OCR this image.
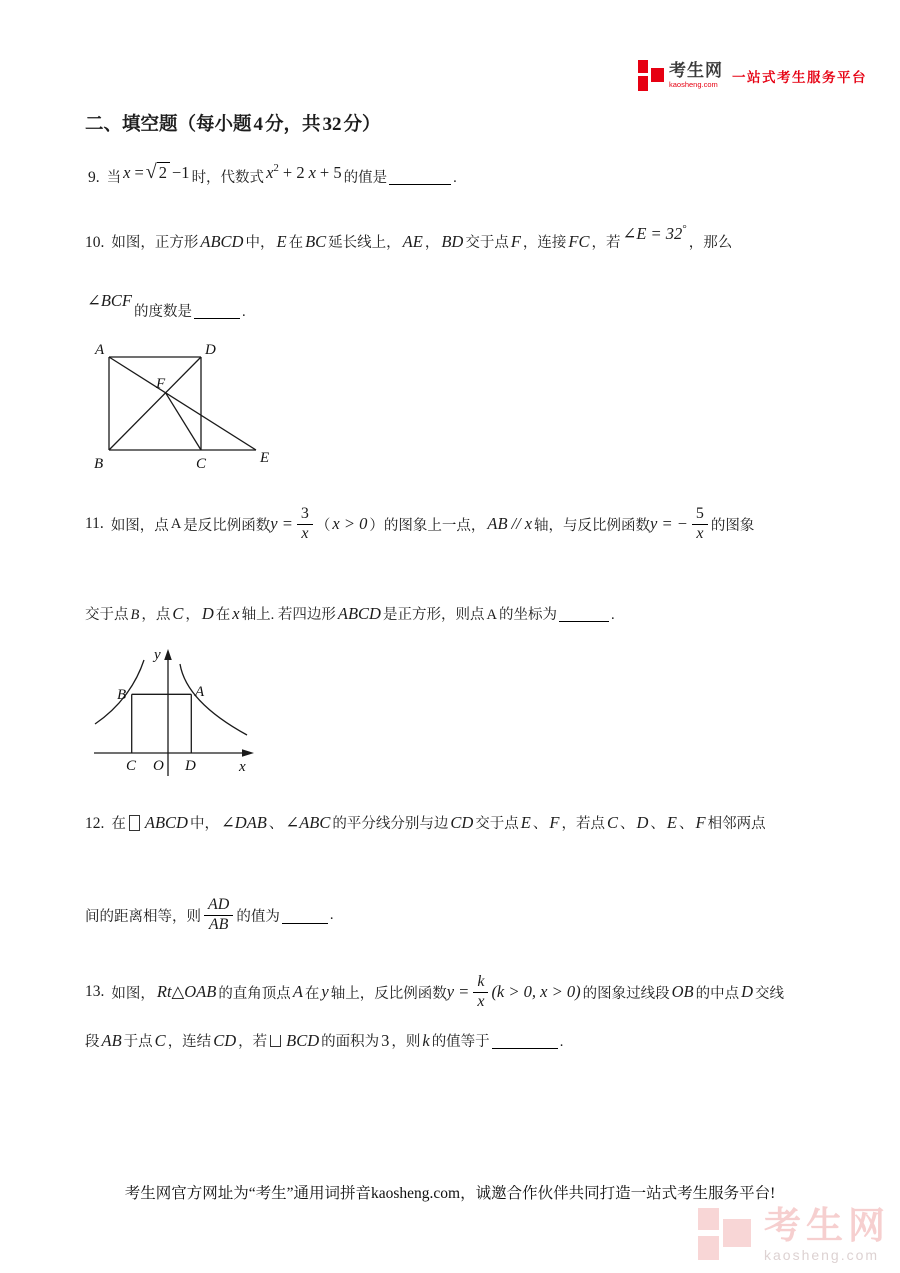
考生网
kaosheng.com
一站式考生服务平台
二、填空题（每小题 4 分，共 32 分）
9. 当 x = √ 2 −1 时，代数式 $x^2 + 2$ x + 5 的值是	.
10. 如图，正方形 ABCD 中， E 在 BC 延长线上， AE ， BD 交于点 F ，连接 FC ，若 ∠E = 32°
，那么
∠BCF
的度数是	.
A	D
B	C	E
F
11. 如图，点 A 是反比例函数 $y = \frac{3}{x}$ （ x > 0 ）的图象上一点， AB // x 轴，与反比例函数 y = − $\frac{5}{x}$ 的图象
交于点 B ，点 C ， D 在 x 轴上. 若四边形 ABCD 是正方形，则点 A 的坐标为	.
y
x
B	A
C O D
12. 在 ABCD 中， ∠DAB 、 ∠ABC 的平分线分别与边 CD 交于点 E 、 F ，若点 C 、 D 、 E 、 F 相邻两点
间的距离相等，则 $\frac{AD}{AB}$ 的值为	.
13. 如图， Rt△OAB 的直角顶点 A 在 y 轴上，反比例函数 $y = \frac{k}{x} (k > 0$, x > 0) 的图象过线段 OB 的中点 D 交线
段 AB 于点 C ，连结 CD ，若 BCD 的面积为 3 ，则 k 的值等于	.
考生网官方网址为“考生”通用词拼音kaosheng.com，诚邀合作伙伴共同打造一站式考生服务平台!
考生网
kaosheng.com
